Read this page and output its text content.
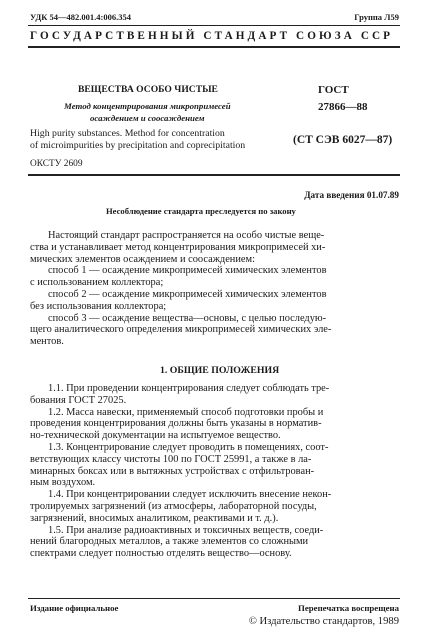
УДК 54—482.001.4:006.354	Группа Л59
ГОСУДАРСТВЕННЫЙ СТАНДАРТ СОЮЗА ССР
ВЕЩЕСТВА ОСОБО ЧИСТЫЕ
Метод концентрирования микропримесей
осаждением и соосаждением
High purity substances. Method for concentration
of microimpurities by precipitation and coprecipitation
ГОСТ
27866—88
(СТ СЭВ 6027—87)
ОКСТУ 2609
Дата введения 01.07.89
Несоблюдение стандарта преследуется по закону
Настоящий стандарт распространяется на особо чистые веще-
ства и устанавливает метод концентрирования микропримесей хи-
мических элементов осаждением и соосаждением:
способ 1 — осаждение микропримесей химических элементов
с использованием коллектора;
способ 2 — осаждение микропримесей химических элементов
без использования коллектора;
способ 3 — осаждение вещества—основы, с целью последую-
щего аналитического определения микропримесей химических эле-
ментов.
1. ОБЩИЕ ПОЛОЖЕНИЯ
1.1. При проведении концентрирования следует соблюдать тре-
бования ГОСТ 27025.
1.2. Масса навески, применяемый способ подготовки пробы и
проведения концентрирования должны быть указаны в норматив-
но-технической документации на испытуемое вещество.
1.3. Концентрирование следует проводить в помещениях, соот-
ветствующих классу чистоты 100 по ГОСТ 25991, а также в ла-
минарных боксах или в вытяжных устройствах с отфильтрован-
ным воздухом.
1.4. При концентрировании следует исключить внесение некон-
тролируемых загрязнений (из атмосферы, лабораторной посуды,
загрязнений, вносимых аналитиком, реактивами и т. д.).
1.5. При анализе радиоактивных и токсичных веществ, соеди-
нений благородных металлов, а также элементов со сложными
спектрами следует полностью отделять вещество—основу.
Издание официальное	Перепечатка воспрещена
© Издательство стандартов, 1989
